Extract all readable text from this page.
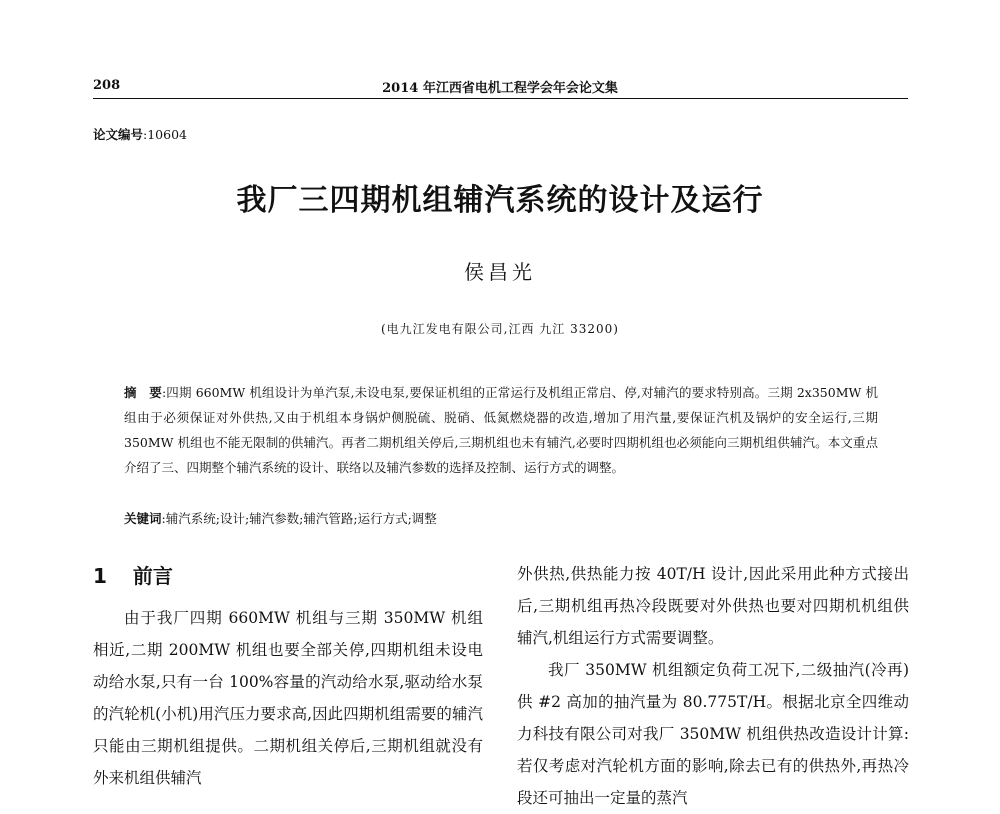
208	2014 年江西省电机工程学会年会论文集
论文编号:10604
我厂三四期机组辅汽系统的设计及运行
侯昌光
(电九江发电有限公司,江西 九江 33200)
摘　要:四期 660MW 机组设计为单汽泵,未设电泵,要保证机组的正常运行及机组正常启、停,对辅汽的要求特别高。三期 2x350MW 机组由于必须保证对外供热,又由于机组本身锅炉侧脱硫、脱硝、低氮燃烧器的改造,增加了用汽量,要保证汽机及锅炉的安全运行,三期 350MW 机组也不能无限制的供辅汽。再者二期机组关停后,三期机组也未有辅汽,必要时四期机组也必须能向三期机组供辅汽。本文重点介绍了三、四期整个辅汽系统的设计、联络以及辅汽参数的选择及控制、运行方式的调整。
关键词:辅汽系统;设计;辅汽参数;辅汽管路;运行方式;调整
1 前言

由于我厂四期 660MW 机组与三期 350MW 机组相近,二期 200MW 机组也要全部关停,四期机组未设电动给水泵,只有一台 100%容量的汽动给水泵,驱动给水泵的汽轮机(小机)用汽压力要求高,因此四期机组需要的辅汽只能由三期机组提供。二期机组关停后,三期机组就没有外来机组供辅汽

外供热,供热能力按 40T/H 设计,因此采用此种方式接出后,三期机组再热冷段既要对外供热也要对四期机机组供辅汽,机组运行方式需要调整。

我厂 350MW 机组额定负荷工况下,二级抽汽(冷再)供 #2 高加的抽汽量为 80.775T/H。根据北京全四维动力科技有限公司对我厂 350MW 机组供热改造设计计算:若仅考虑对汽轮机方面的影响,除去已有的供热外,再热冷段还可抽出一定量的蒸汽
